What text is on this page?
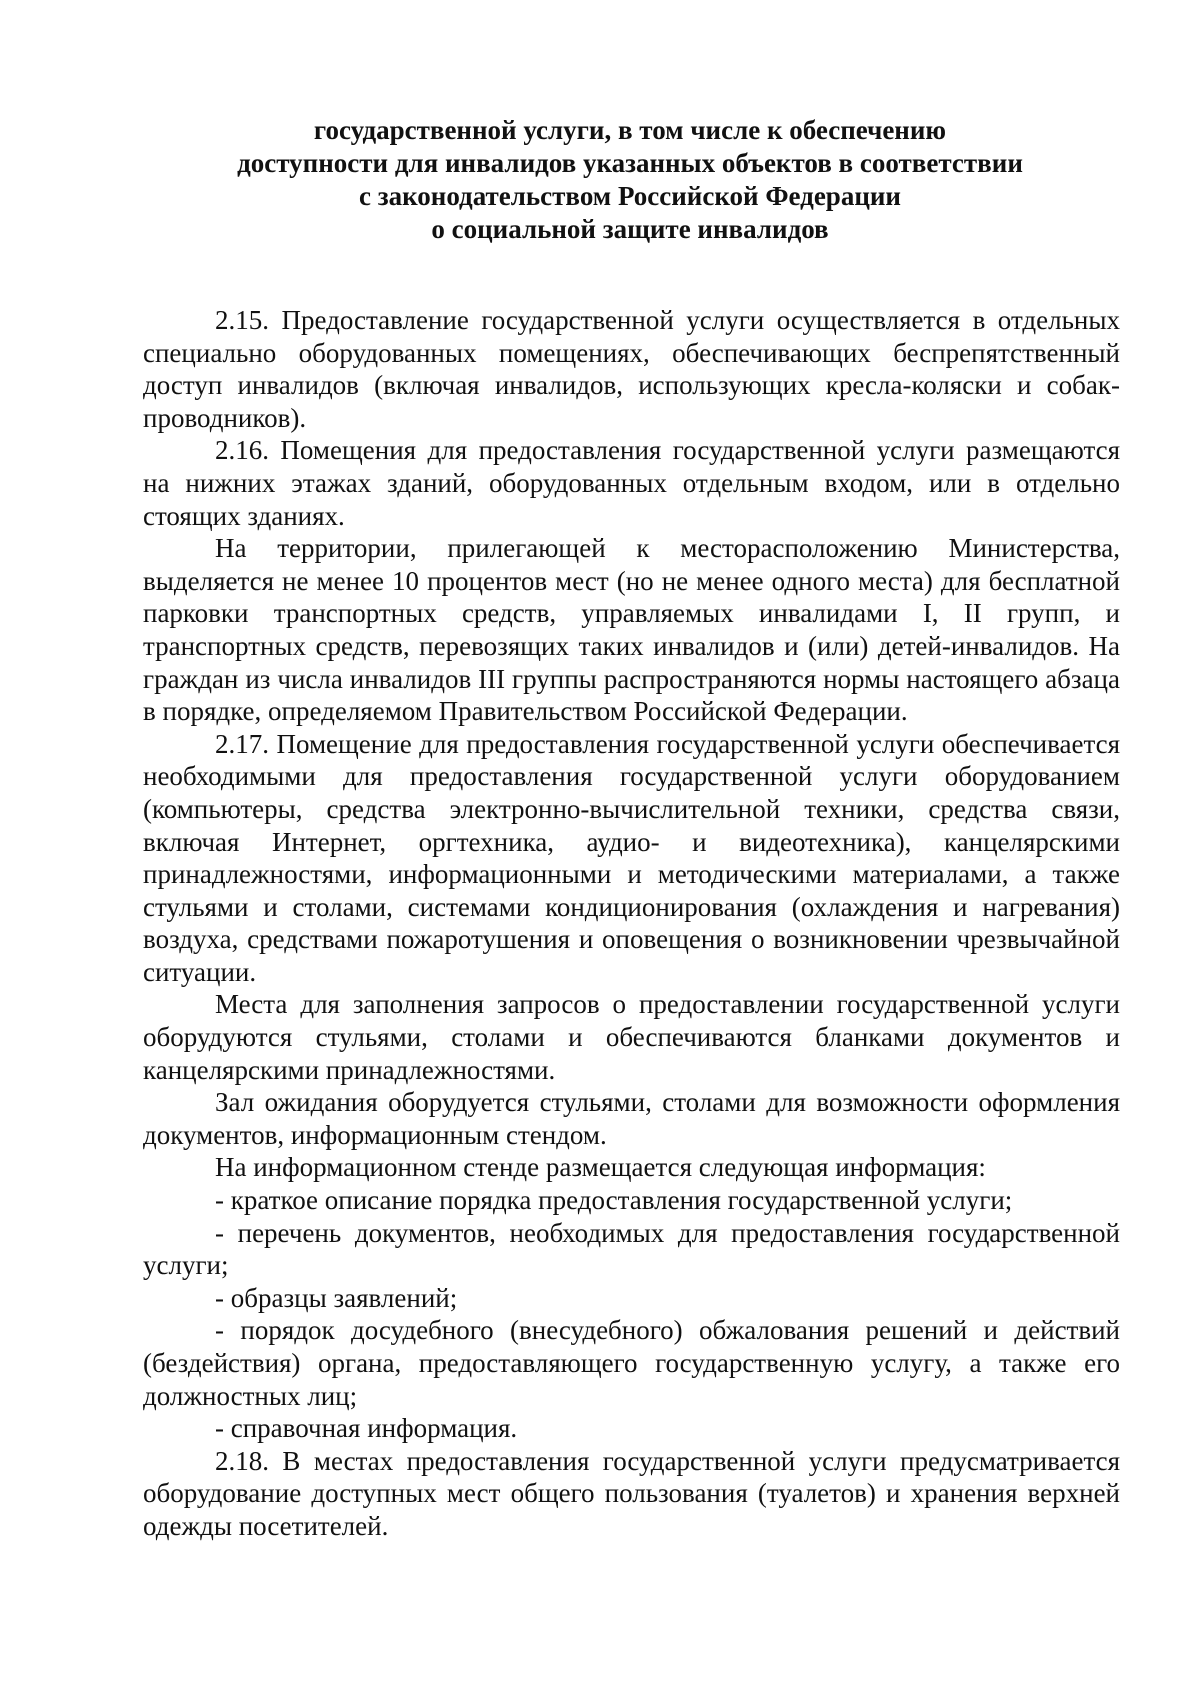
государственной услуги, в том числе к обеспечению
доступности для инвалидов указанных объектов в соответствии
с законодательством Российской Федерации
о социальной защите инвалидов

2.15. Предоставление государственной услуги осуществляется в отдельных специально оборудованных помещениях, обеспечивающих беспрепятственный доступ инвалидов (включая инвалидов, использующих кресла-коляски и собак-проводников).

2.16. Помещения для предоставления государственной услуги размещаются на нижних этажах зданий, оборудованных отдельным входом, или в отдельно стоящих зданиях.

На территории, прилегающей к месторасположению Министерства, выделяется не менее 10 процентов мест (но не менее одного места) для бесплатной парковки транспортных средств, управляемых инвалидами I, II групп, и транспортных средств, перевозящих таких инвалидов и (или) детей-инвалидов. На граждан из числа инвалидов III группы распространяются нормы настоящего абзаца в порядке, определяемом Правительством Российской Федерации.

2.17. Помещение для предоставления государственной услуги обеспечивается необходимыми для предоставления государственной услуги оборудованием (компьютеры, средства электронно-вычислительной техники, средства связи, включая Интернет, оргтехника, аудио- и видеотехника), канцелярскими принадлежностями, информационными и методическими материалами, а также стульями и столами, системами кондиционирования (охлаждения и нагревания) воздуха, средствами пожаротушения и оповещения о возникновении чрезвычайной ситуации.

Места для заполнения запросов о предоставлении государственной услуги оборудуются стульями, столами и обеспечиваются бланками документов и канцелярскими принадлежностями.

Зал ожидания оборудуется стульями, столами для возможности оформления документов, информационным стендом.

На информационном стенде размещается следующая информация:

- краткое описание порядка предоставления государственной услуги;

- перечень документов, необходимых для предоставления государственной услуги;

- образцы заявлений;

- порядок досудебного (внесудебного) обжалования решений и действий (бездействия) органа, предоставляющего государственную услугу, а также его должностных лиц;

- справочная информация.

2.18. В местах предоставления государственной услуги предусматривается оборудование доступных мест общего пользования (туалетов) и хранения верхней одежды посетителей.
